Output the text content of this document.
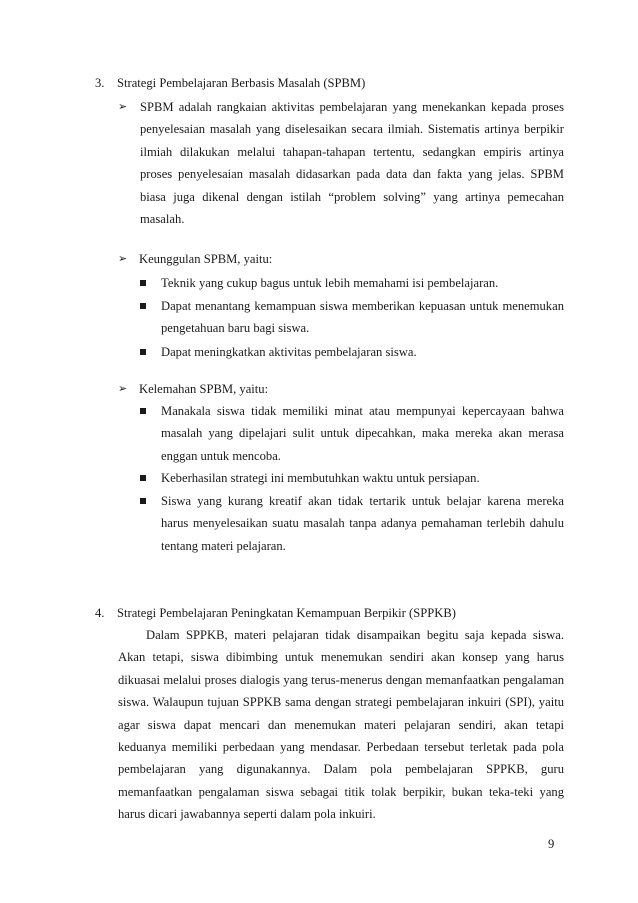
3. Strategi Pembelajaran Berbasis Masalah (SPBM)
➢	SPBM adalah rangkaian aktivitas pembelajaran yang menekankan kepada proses penyelesaian masalah yang diselesaikan secara ilmiah. Sistematis artinya berpikir ilmiah dilakukan melalui tahapan-tahapan tertentu, sedangkan empiris artinya proses penyelesaian masalah didasarkan pada data dan fakta yang jelas. SPBM biasa juga dikenal dengan istilah “problem solving” yang artinya pemecahan masalah.
➢ Keunggulan SPBM, yaitu:
Teknik yang cukup bagus untuk lebih memahami isi pembelajaran.
Dapat menantang kemampuan siswa memberikan kepuasan untuk menemukan pengetahuan baru bagi siswa.
Dapat meningkatkan aktivitas pembelajaran siswa.
➢ Kelemahan SPBM, yaitu:
Manakala siswa tidak memiliki minat atau mempunyai kepercayaan bahwa masalah yang dipelajari sulit untuk dipecahkan, maka mereka akan merasa enggan untuk mencoba.
Keberhasilan strategi ini membutuhkan waktu untuk persiapan.
Siswa yang kurang kreatif akan tidak tertarik untuk belajar karena mereka harus menyelesaikan suatu masalah tanpa adanya pemahaman terlebih dahulu tentang materi pelajaran.
4. Strategi Pembelajaran Peningkatan Kemampuan Berpikir (SPPKB)
Dalam SPPKB, materi pelajaran tidak disampaikan begitu saja kepada siswa. Akan tetapi, siswa dibimbing untuk menemukan sendiri akan konsep yang harus dikuasai melalui proses dialogis yang terus-menerus dengan memanfaatkan pengalaman siswa. Walaupun tujuan SPPKB sama dengan strategi pembelajaran inkuiri (SPI), yaitu agar siswa dapat mencari dan menemukan materi pelajaran sendiri, akan tetapi keduanya memiliki perbedaan yang mendasar. Perbedaan tersebut terletak pada pola pembelajaran yang digunakannya. Dalam pola pembelajaran SPPKB, guru memanfaatkan pengalaman siswa sebagai titik tolak berpikir, bukan teka-teki yang harus dicari jawabannya seperti dalam pola inkuiri.
9
